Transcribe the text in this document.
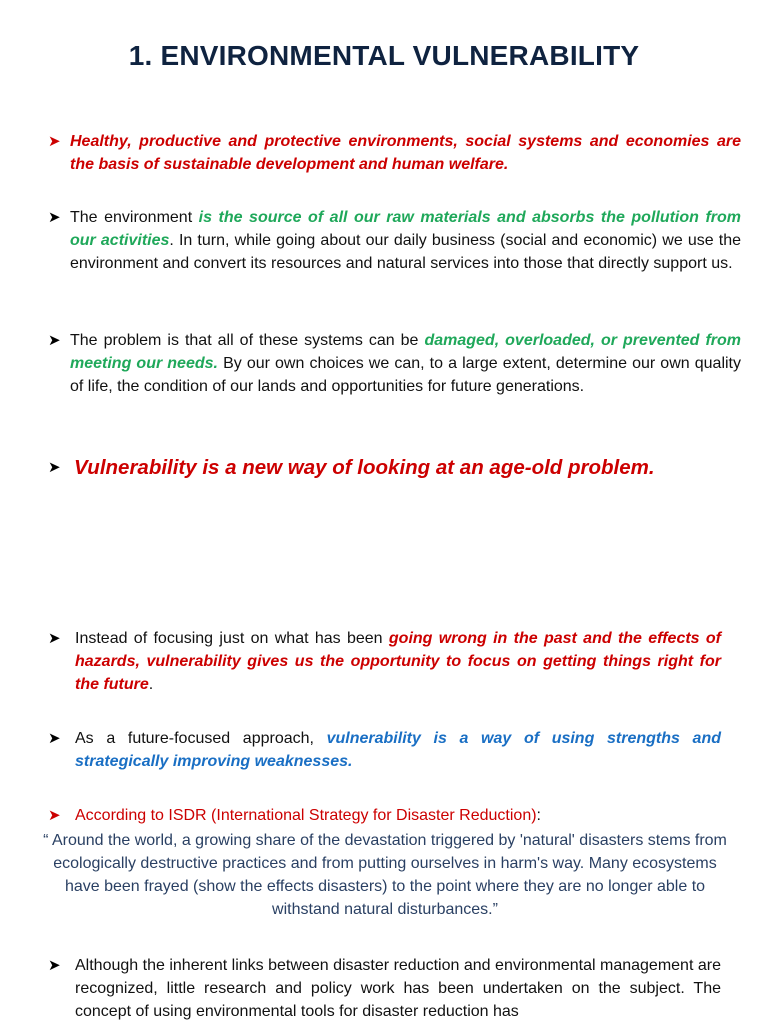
1. ENVIRONMENTAL VULNERABILITY
➤ Healthy, productive and protective environments, social systems and economies are the basis of sustainable development and human welfare.
➤ The environment is the source of all our raw materials and absorbs the pollution from our activities. In turn, while going about our daily business (social and economic) we use the environment and convert its resources and natural services into those that directly support us.
➤ The problem is that all of these systems can be damaged, overloaded, or prevented from meeting our needs. By our own choices we can, to a large extent, determine our own quality of life, the condition of our lands and opportunities for future generations.
➤ Vulnerability is a new way of looking at an age-old problem.
➤ Instead of focusing just on what has been going wrong in the past and the effects of hazards, vulnerability gives us the opportunity to focus on getting things right for the future.
➤ As a future-focused approach, vulnerability is a way of using strengths and strategically improving weaknesses.
➤ According to ISDR (International Strategy for Disaster Reduction):
“ Around the world, a growing share of the devastation triggered by 'natural' disasters stems from ecologically destructive practices and from putting ourselves in harm's way. Many ecosystems have been frayed (show the effects disasters) to the point where they are no longer able to withstand natural disturbances.”
➤ Although the inherent links between disaster reduction and environmental management are recognized, little research and policy work has been undertaken on the subject. The concept of using environmental tools for disaster reduction has
